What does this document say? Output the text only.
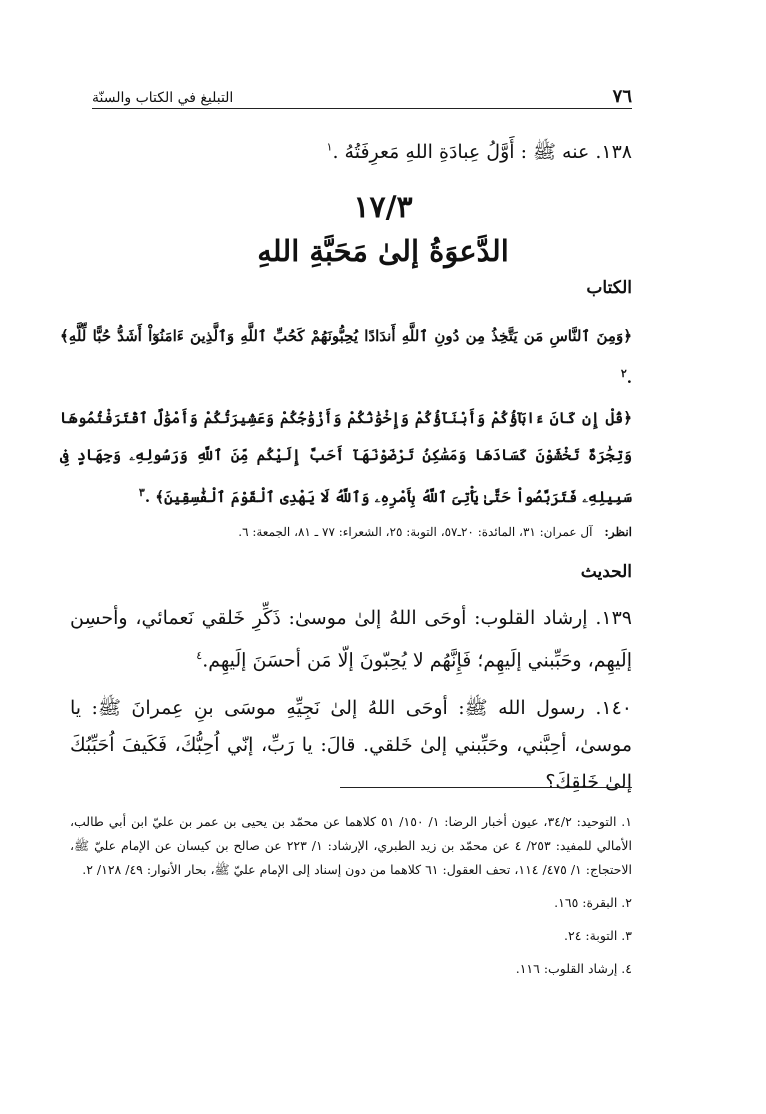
٧٦
التبليغ في الكتاب والسنّة
١٣٨. عنه ﷺ : أَوَّلُ عِبادَةِ اللهِ مَعرِفَتُهُ .$^١$
١٧/٣
الدَّعوَةُ إلىٰ مَحَبَّةِ اللهِ
الكتاب
﴿وَمِنَ ٱلنَّاسِ مَن يَتَّخِذُ مِن دُونِ ٱللَّهِ أَندَادًا يُحِبُّونَهُمْ كَحُبِّ ٱللَّهِ وَٱلَّذِينَ ءَامَنُوٓاْ أَشَدُّ حُبًّا لِّلَّهِ﴾ .$^٢$
﴿قُلْ إِن كَانَ ءَابَآؤُكُمْ وَأَبْنَآؤُكُمْ وَإِخْوَٰنُكُمْ وَأَزْوَٰجُكُمْ وَعَشِيرَتُكُمْ وَأَمْوَٰلٌ ٱقْتَرَفْتُمُوهَا وَتِجَٰرَةٌ تَخْشَوْنَ كَسَادَهَا وَمَسَٰكِنُ تَرْضَوْنَهَآ أَحَبَّ إِلَيْكُم مِّنَ ٱللَّهِ وَرَسُولِهِۦ وَجِهَادٍ فِى سَبِيلِهِۦ فَتَرَبَّصُواْ حَتَّىٰ يَأْتِىَ ٱللَّهُ بِأَمْرِهِۦ وَٱللَّهُ لَا يَهْدِى ٱلْقَوْمَ ٱلْفَٰسِقِينَ﴾ .$^٣$
انظر:آل عمران: ٣١، المائدة: ٢٠ـ٥٧، التوبة: ٢٥، الشعراء: ٧٧ ـ ٨١، الجمعة: ٦.
الحديث
١٣٩. إرشاد القلوب: أوحَى اللهُ إلىٰ موسىٰ: ذَكِّرِ خَلقي نَعمائي، وأحسِن إلَيهِم، وحَبِّبني إلَيهِم؛ فَإِنَّهُم لا يُحِبّونَ إلّا مَن أحسَنَ إلَيهِم.$^٤$
١٤٠. رسول الله ﷺ: أوحَى اللهُ إلىٰ نَجِيِّهِ موسَى بنِ عِمرانَ ﷺ: يا موسىٰ، أحِبَّني، وحَبِّبني إلىٰ خَلقي. قالَ: يا رَبِّ، إنّي اُحِبُّكَ، فَكَيفَ اُحَبِّبُكَ إلىٰ خَلقِكَ؟
١. التوحيد: ٣٤/٢، عيون أخبار الرضا: ١/ ١٥٠/ ٥١ كلاهما عن محمّد بن يحيى بن عمر بن عليّ ابن أبي طالب، الأمالي للمفيد: ٢٥٣/ ٤ عن محمّد بن زيد الطبري، الإرشاد: ١/ ٢٢٣ عن صالح بن كيسان عن الإمام عليّ ﷺ، الاحتجاج: ١/ ٤٧٥/ ١١٤، تحف العقول: ٦١ كلاهما من دون إسناد إلى الإمام عليّ ﷺ، بحار الأنوار: ٤٩/ ١٢٨/ ٢.
٢. البقرة: ١٦٥.
٣. التوبة: ٢٤.
٤. إرشاد القلوب: ١١٦.
